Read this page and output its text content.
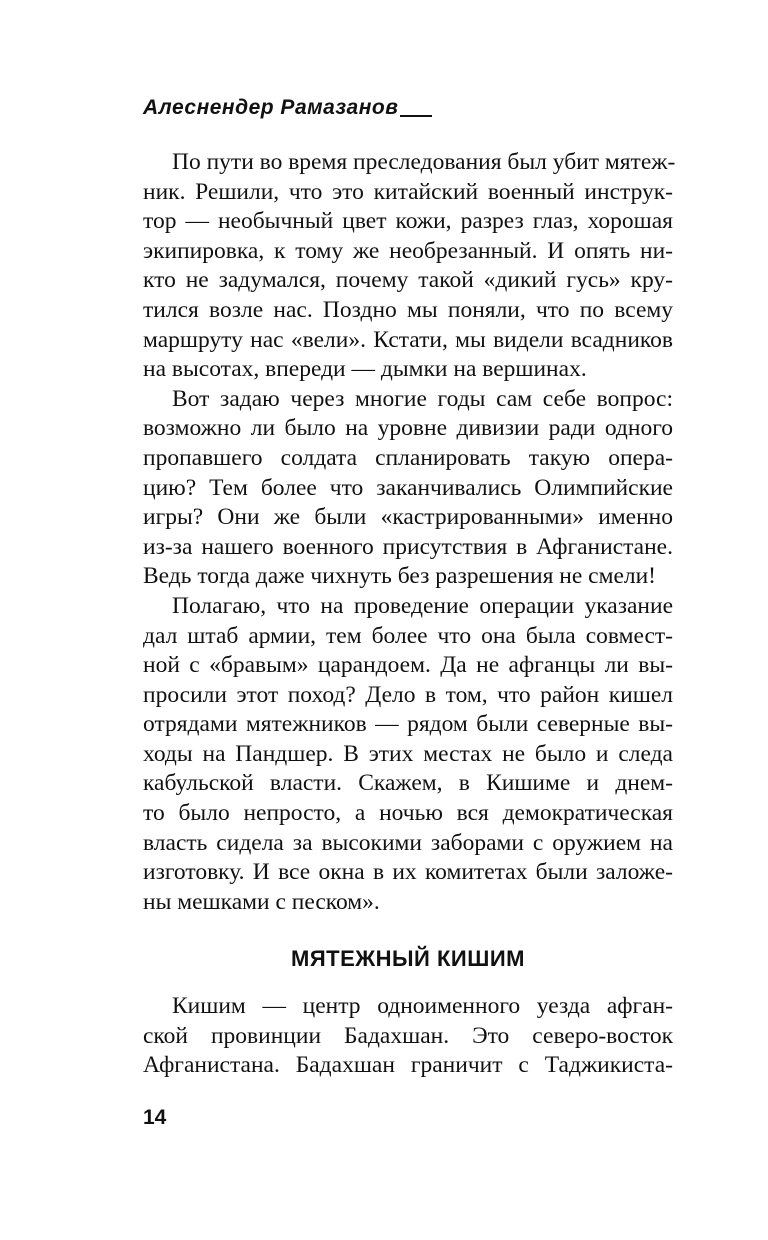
Алеснендер Рамазанов
По пути во время преследования был убит мятеж-
ник. Решили, что это китайский военный инструк-
тор — необычный цвет кожи, разрез глаз, хорошая
экипировка, к тому же необрезанный. И опять ни-
кто не задумался, почему такой «дикий гусь» кру-
тился возле нас. Поздно мы поняли, что по всему
маршруту нас «вели». Кстати, мы видели всадников
на высотах, впереди — дымки на вершинах.
Вот задаю через многие годы сам себе вопрос:
возможно ли было на уровне дивизии ради одного
пропавшего солдата спланировать такую опера-
цию? Тем более что заканчивались Олимпийские
игры? Они же были «кастрированными» именно
из-за нашего военного присутствия в Афганистане.
Ведь тогда даже чихнуть без разрешения не смели!
Полагаю, что на проведение операции указание
дал штаб армии, тем более что она была совмест-
ной с «бравым» царандоем. Да не афганцы ли вы-
просили этот поход? Дело в том, что район кишел
отрядами мятежников — рядом были северные вы-
ходы на Пандшер. В этих местах не было и следа
кабульской власти. Скажем, в Кишиме и днем-
то было непросто, а ночью вся демократическая
власть сидела за высокими заборами с оружием на
изготовку. И все окна в их комитетах были заложе-
ны мешками с песком».
МЯТЕЖНЫЙ КИШИМ
Кишим — центр одноименного уезда афган-
ской провинции Бадахшан. Это северо-восток
Афганистана. Бадахшан граничит с Таджикиста-
14
